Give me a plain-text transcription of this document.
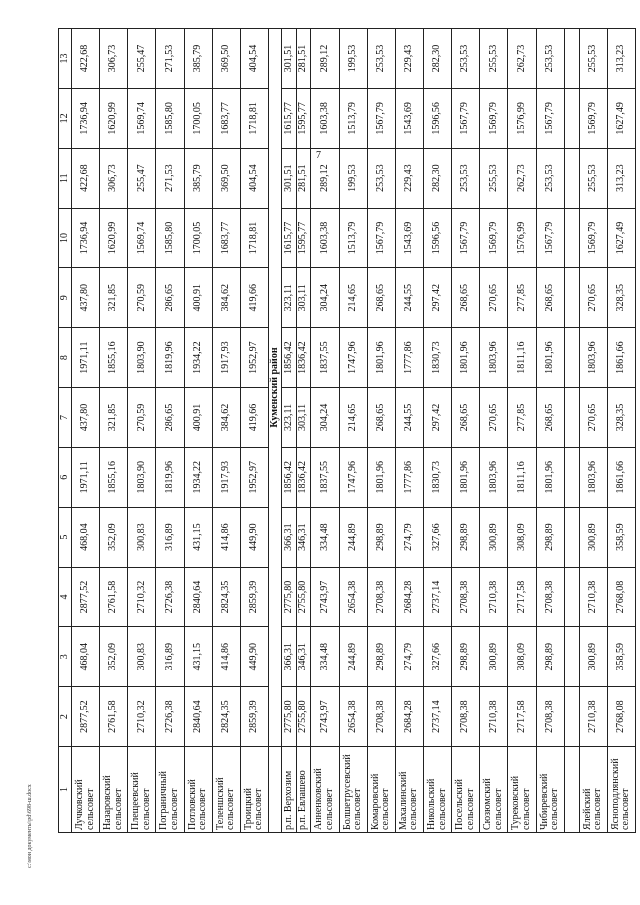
7
1	2	3	4	5	6	7	8	9	10	11	12	13
Лучковский сельсовет	2877,52	468,04	2877,52	468,04	1971,11	437,80	1971,11	437,80	1736,94	422,68	1736,94	422,68
Назаровский сельсовет	2761,58	352,09	2761,58	352,09	1855,16	321,85	1855,16	321,85	1620,99	306,73	1620,99	306,73
Плещеевский сельсовет	2710,32	300,83	2710,32	300,83	1803,90	270,59	1803,90	270,59	1569,74	255,47	1569,74	255,47
Пограничный сельсовет	2726,38	316,89	2726,38	316,89	1819,96	286,65	1819,96	286,65	1585,80	271,53	1585,80	271,53
Потловский сельсовет	2840,64	431,15	2840,64	431,15	1934,22	400,91	1934,22	400,91	1700,05	385,79	1700,05	385,79
Теленшский сельсовет	2824,35	414,86	2824,35	414,86	1917,93	384,62	1917,93	384,62	1683,77	369,50	1683,77	369,50
Троицкий сельсовет	2859,39	449,90	2859,39	449,90	1952,97	419,66	1952,97	419,66	1718,81	404,54	1718,81	404,54
	Куменский район											
р.п. Верхозим	2775,80	366,31	2775,80	366,31	1856,42	323,11	1856,42	323,11	1615,77	301,51	1615,77	301,51
р.п. Евлашево	2755,80	346,31	2755,80	346,31	1836,42	303,11	1836,42	303,11	1595,77	281,51	1595,77	281,51
Анненковский сельсовет	2743,97	334,48	2743,97	334,48	1837,55	304,24	1837,55	304,24	1603,38	289,12	1603,38	289,12
Болшетрусевский сельсовет	2654,38	244,89	2654,38	244,89	1747,96	214,65	1747,96	214,65	1513,79	199,53	1513,79	199,53
Комаровский сельсовет	2708,38	298,89	2708,38	298,89	1801,96	268,65	1801,96	268,65	1567,79	253,53	1567,79	253,53
Махалинский сельсовет	2684,28	274,79	2684,28	274,79	1777,86	244,55	1777,86	244,55	1543,69	229,43	1543,69	229,43
Никольский сельсовет	2737,14	327,66	2737,14	327,66	1830,73	297,42	1830,73	297,42	1596,56	282,30	1596,56	282,30
Посельский сельсовет	2708,38	298,89	2708,38	298,89	1801,96	268,65	1801,96	268,65	1567,79	253,53	1567,79	253,53
Сюзюмский сельсовет	2710,38	300,89	2710,38	300,89	1803,96	270,65	1803,96	270,65	1569,79	255,53	1569,79	255,53
Турековский сельсовет	2717,58	308,09	2717,58	308,09	1811,16	277,85	1811,16	277,85	1576,99	262,73	1576,99	262,73
Чибиревский сельсовет	2708,38	298,89	2708,38	298,89	1801,96	268,65	1801,96	268,65	1567,79	253,53	1567,79	253,53

Ялейский сельсовет	2710,38	300,89	2710,38	300,89	1803,96	270,65	1803,96	270,65	1569,79	255,53	1569,79	255,53
Ясноподлянский сельсовет	2768,08	358,59	2768,08	358,59	1861,66	328,35	1861,66	328,35	1627,49	313,23	1627,49	313,23
c:\мои документы\pd\698-ш.docx
